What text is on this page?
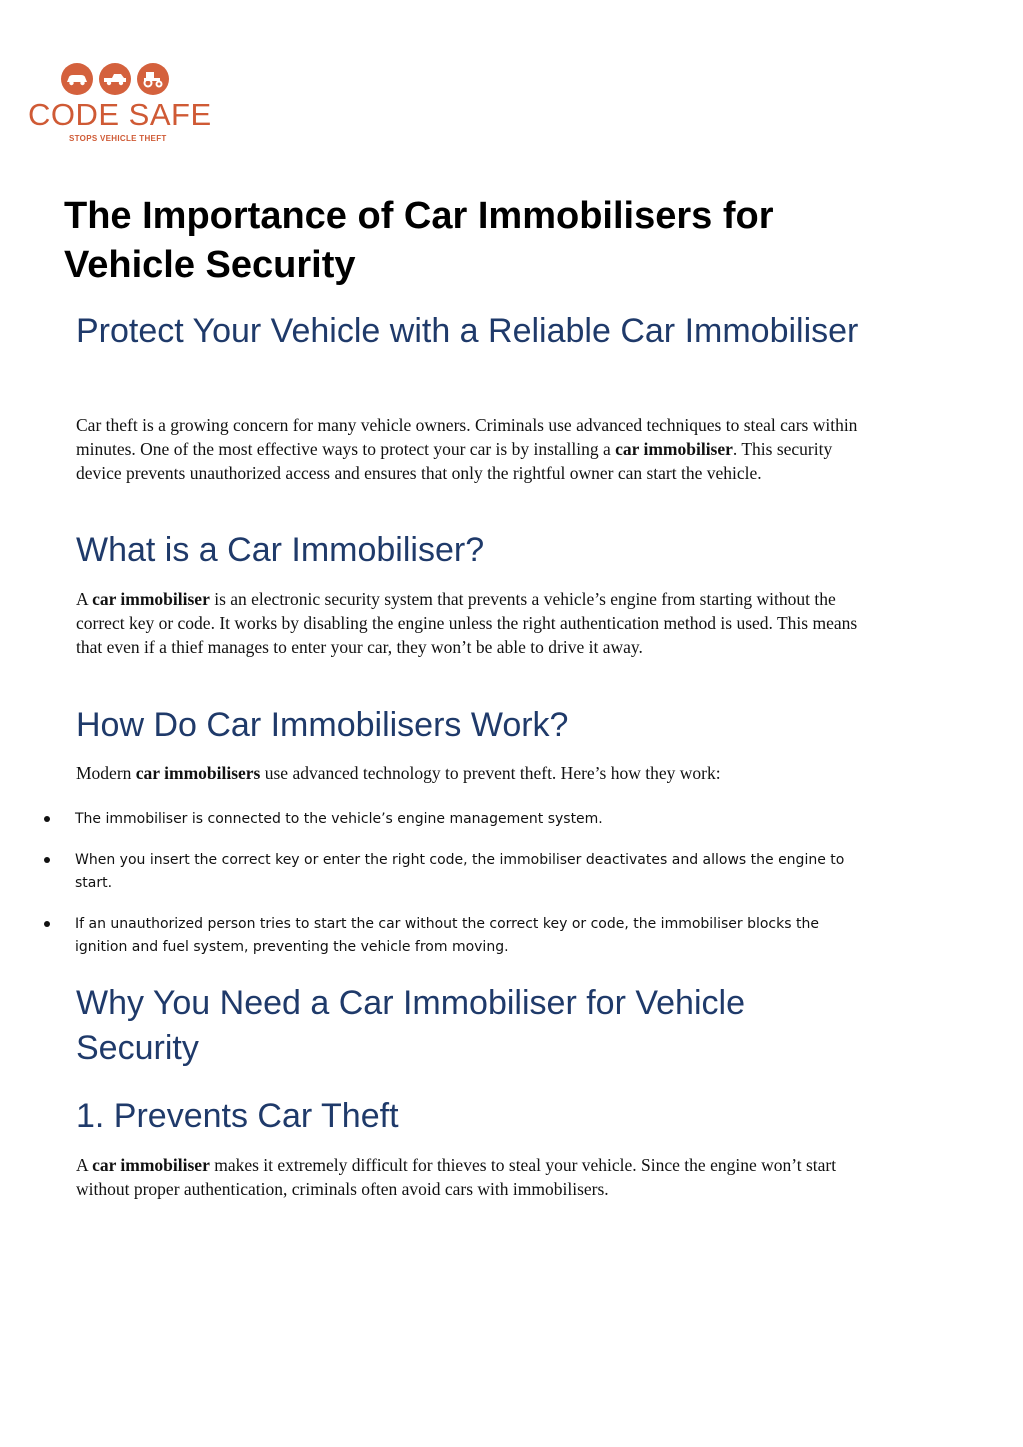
CODE SAFE
STOPS VEHICLE THEFT
The Importance of Car Immobilisers for Vehicle Security
Protect Your Vehicle with a Reliable Car Immobiliser

Car theft is a growing concern for many vehicle owners. Criminals use advanced techniques to steal cars within minutes. One of the most effective ways to protect your car is by installing a car immobiliser. This security device prevents unauthorized access and ensures that only the rightful owner can start the vehicle.

What is a Car Immobiliser?

A car immobiliser is an electronic security system that prevents a vehicle’s engine from starting without the correct key or code. It works by disabling the engine unless the right authentication method is used. This means that even if a thief manages to enter your car, they won’t be able to drive it away.

How Do Car Immobilisers Work?

Modern car immobilisers use advanced technology to prevent theft. Here’s how they work:

The immobiliser is connected to the vehicle’s engine management system.
When you insert the correct key or enter the right code, the immobiliser deactivates and allows the engine to start.
If an unauthorized person tries to start the car without the correct key or code, the immobiliser blocks the ignition and fuel system, preventing the vehicle from moving.
Why You Need a Car Immobiliser for Vehicle Security
1. Prevents Car Theft

A car immobiliser makes it extremely difficult for thieves to steal your vehicle. Since the engine won’t start without proper authentication, criminals often avoid cars with immobilisers.
